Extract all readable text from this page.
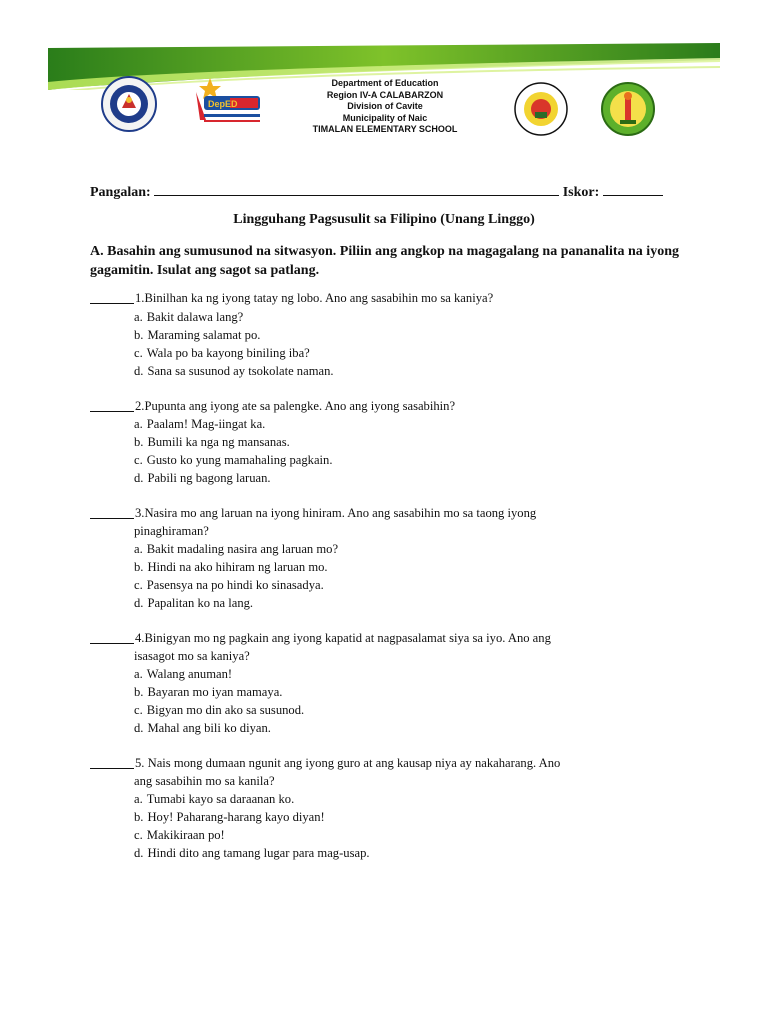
DepED
Department of Education
Region IV-A CALABARZON
Division of Cavite
Municipality of Naic
TIMALAN ELEMENTARY SCHOOL
Pangalan:	Iskor:
Lingguhang Pagsusulit sa Filipino (Unang Linggo)
A. Basahin ang sumusunod na sitwasyon. Piliin ang angkop na magagalang na pananalita na iyong gagamitin. Isulat ang sagot sa patlang.
1.Binilhan ka ng iyong tatay ng lobo. Ano ang sasabihin mo sa kaniya?
a. Bakit dalawa lang?
b. Maraming salamat po.
c. Wala po ba kayong biniling iba?
d. Sana sa susunod ay tsokolate naman.
2.Pupunta ang iyong ate sa palengke. Ano ang iyong sasabihin?
a. Paalam! Mag-iingat ka.
b. Bumili ka nga ng mansanas.
c. Gusto ko yung mamahaling pagkain.
d. Pabili ng bagong laruan.
3.Nasira mo ang laruan na iyong hiniram. Ano ang sasabihin mo sa taong iyong
pinaghiraman?
a. Bakit madaling nasira ang laruan mo?
b. Hindi na ako hihiram ng laruan mo.
c. Pasensya na po hindi ko sinasadya.
d. Papalitan ko na lang.
4.Binigyan mo ng pagkain ang iyong kapatid at nagpasalamat siya sa iyo. Ano ang
isasagot mo sa kaniya?
a. Walang anuman!
b. Bayaran mo iyan mamaya.
c. Bigyan mo din ako sa susunod.
d. Mahal ang bili ko diyan.
5. Nais mong dumaan ngunit ang iyong guro at ang kausap niya ay nakaharang. Ano
ang sasabihin mo sa kanila?
a. Tumabi kayo sa daraanan ko.
b. Hoy! Paharang-harang kayo diyan!
c. Makikiraan po!
d. Hindi dito ang tamang lugar para mag-usap.
